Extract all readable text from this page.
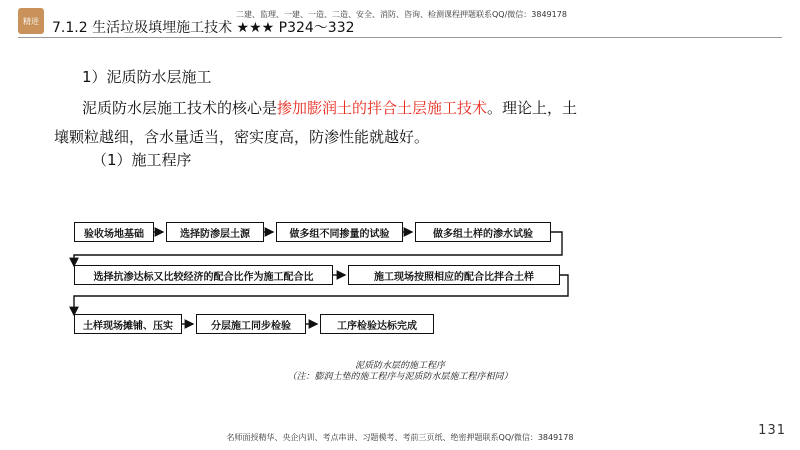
精进 7.1.2 生活垃圾填埋施工技术 ★★★ P324～332
二建、监理、一建、一造、二造、安全、消防、咨询、检测课程押题联系QQ/微信：3849178
1）泥质防水层施工
泥质防水层施工技术的核心是掺加膨润土的拌合土层施工技术。理论上，土
壤颗粒越细，含水量适当，密实度高，防渗性能就越好。
（1）施工程序
验收场地基础	选择防渗层土源	做多组不同掺量的试验	做多组土样的渗水试验
选择抗渗达标又比较经济的配合比作为施工配合比	施工现场按照相应的配合比拌合土样
土样现场摊铺、压实	分层施工同步检验	工序检验达标完成
泥质防水层的施工程序
（注：膨润土垫的施工程序与泥质防水层施工程序相同）
131
名师面授精华、央企内训、考点串讲、习题模考、考前三页纸、绝密押题联系QQ/微信：3849178
